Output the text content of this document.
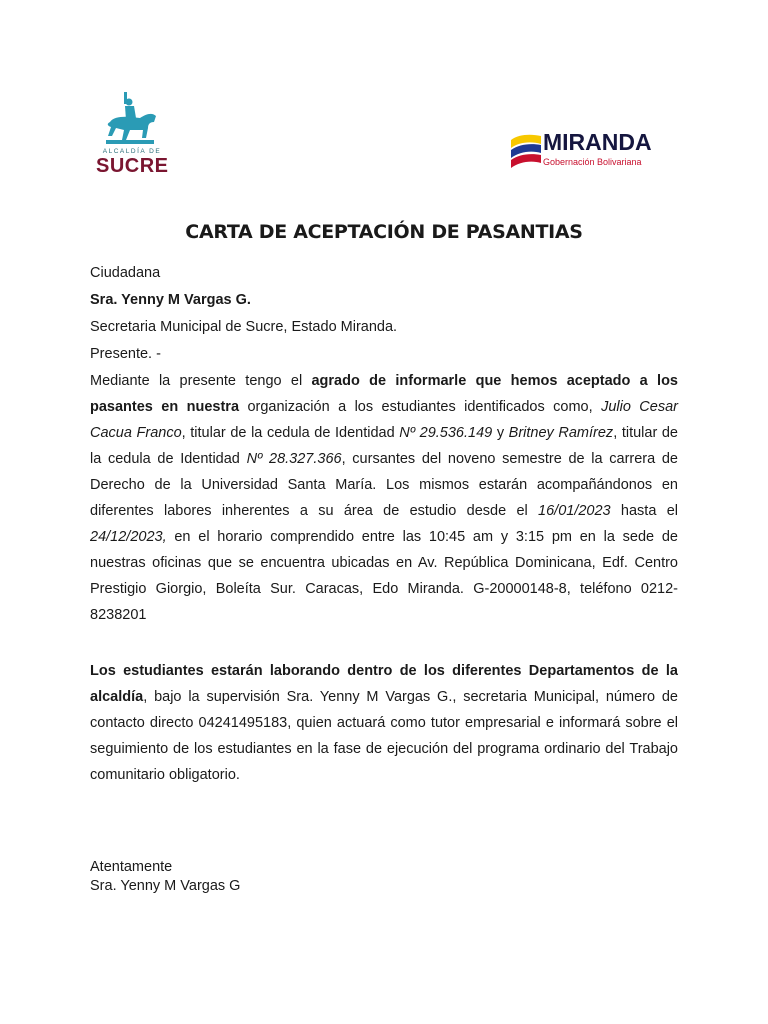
ALCALDÍA DE
SUCRE
MIRANDA
Gobernación Bolivariana
CARTA DE ACEPTACIÓN DE PASANTIAS
Ciudadana
Sra. Yenny M Vargas G.
Secretaria Municipal de Sucre, Estado Miranda.
Presente. -
Mediante la presente tengo el agrado de informarle que hemos aceptado a los pasantes en nuestra organización a los estudiantes identificados como, Julio Cesar Cacua Franco, titular de la cedula de Identidad Nº 29.536.149 y Britney Ramírez, titular de la cedula de Identidad Nº 28.327.366, cursantes del noveno semestre de la carrera de Derecho de la Universidad Santa María. Los mismos estarán acompañándonos en diferentes labores inherentes a su área de estudio desde el 16/01/2023 hasta el 24/12/2023, en el horario comprendido entre las 10:45 am y 3:15 pm en la sede de nuestras oficinas que se encuentra ubicadas en Av. República Dominicana, Edf. Centro Prestigio Giorgio, Boleíta Sur. Caracas, Edo Miranda. G-20000148-8, teléfono 0212-8238201
Los estudiantes estarán laborando dentro de los diferentes Departamentos de la alcaldía, bajo la supervisión Sra. Yenny M Vargas G., secretaria Municipal, número de contacto directo 04241495183, quien actuará como tutor empresarial e informará sobre el seguimiento de los estudiantes en la fase de ejecución del programa ordinario del Trabajo comunitario obligatorio.
Atentamente
Sra. Yenny M Vargas G
